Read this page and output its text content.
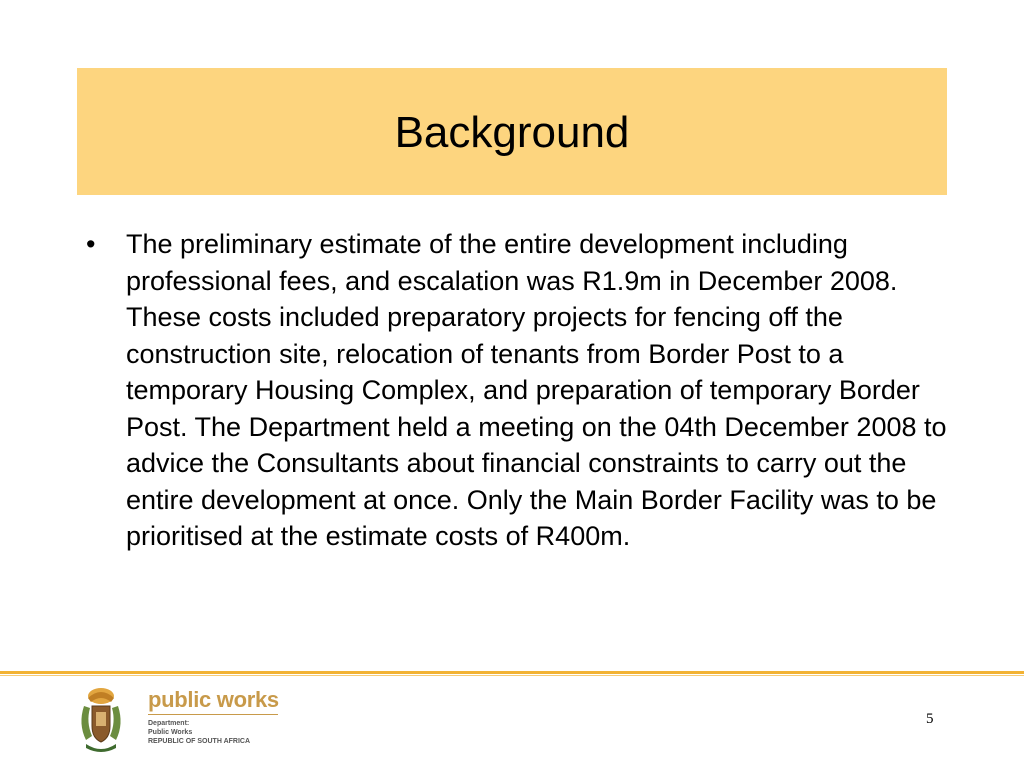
Background
•	The preliminary estimate of the entire development including professional fees, and escalation was R1.9m in December 2008. These costs included preparatory projects for fencing off the construction site, relocation of tenants from Border Post to a temporary Housing Complex, and preparation of temporary Border Post. The Department held a meeting on the 04th December 2008 to advice the Consultants about financial constraints to carry out the entire development at once. Only the Main Border Facility was to be prioritised at the estimate costs of R400m.
public works
Department:
Public Works
REPUBLIC OF SOUTH AFRICA
5
